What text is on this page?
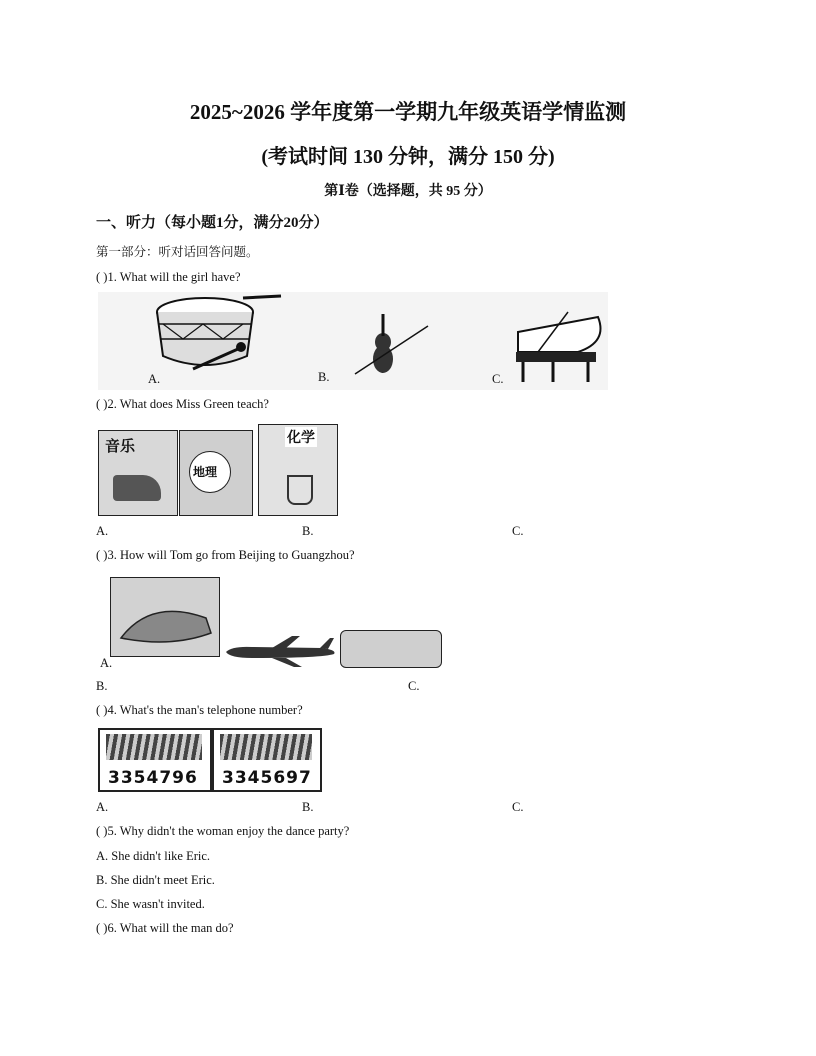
2025~2026 学年度第一学期九年级英语学情监测
(考试时间 130 分钟，满分 150 分)
第Ⅰ卷（选择题，共 95 分）
一、听力（每小题1分，满分20分）
第一部分：听对话回答问题。
( )1. What will the girl have?
A.	B.	C.
( )2. What does Miss Green teach?
音乐
地理
化学
A.	B.	C.
( )3. How will Tom go from Beijing to Guangzhou?
A.
B.	C.
( )4. What's the man's telephone number?
3354796 3345697
A.	B.	C.
( )5. Why didn't the woman enjoy the dance party?
A. She didn't like Eric.
B. She didn't meet Eric.
C. She wasn't invited.
( )6. What will the man do?
